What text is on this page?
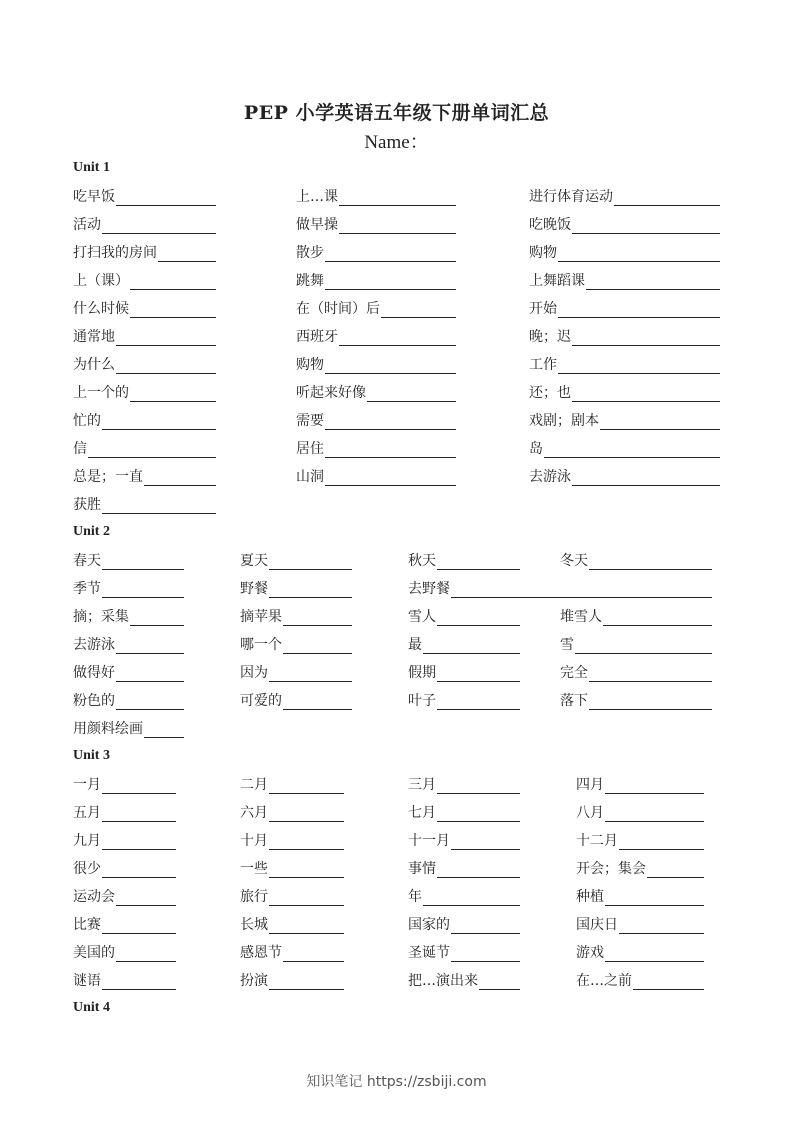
PEP 小学英语五年级下册单词汇总
Name：
Unit 1
吃早饭	上…课	进行体育运动
活动	做早操	吃晚饭
打扫我的房间	散步	购物
上（课）	跳舞	上舞蹈课
什么时候	在（时间）后	开始
通常地	西班牙	晚；迟
为什么	购物	工作
上一个的	听起来好像	还；也
忙的	需要	戏剧；剧本
信	居住	岛
总是；一直	山洞	去游泳
获胜
Unit 2
春天	夏天	秋天	冬天
季节	野餐	去野餐
摘；采集	摘苹果	雪人	堆雪人
去游泳	哪一个	最	雪
做得好	因为	假期	完全
粉色的	可爱的	叶子	落下
用颜料绘画
Unit 3
一月	二月	三月	四月
五月	六月	七月	八月
九月	十月	十一月	十二月
很少	一些	事情	开会；集会
运动会	旅行	年	种植
比赛	长城	国家的	国庆日
美国的	感恩节	圣诞节	游戏
谜语	扮演	把…演出来	在…之前
Unit 4
知识笔记 https://zsbiji.com
